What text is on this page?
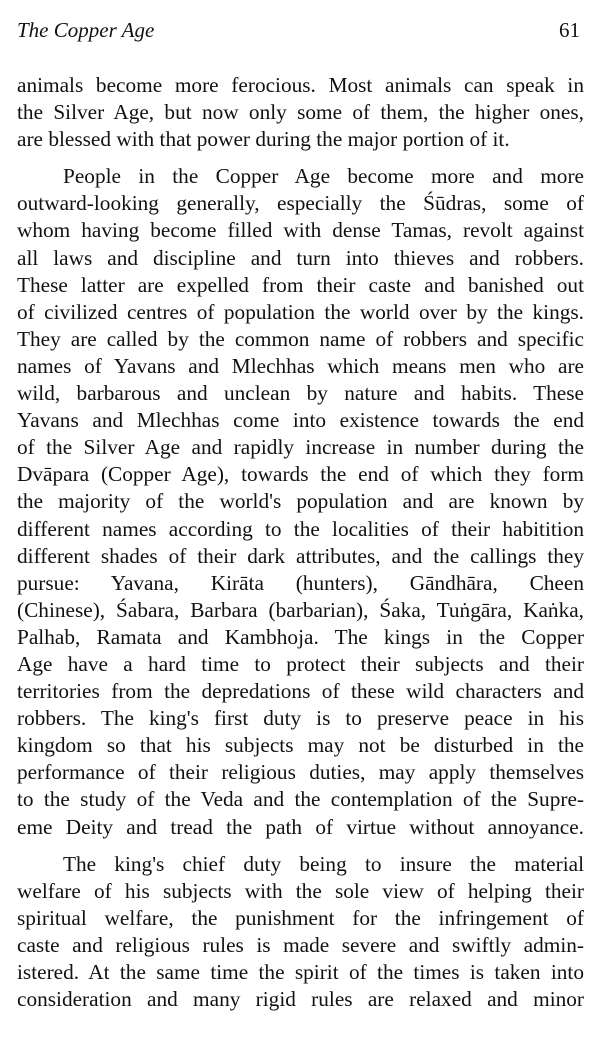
The Copper Age	61
animals become more ferocious. Most animals can speak in
the Silver Age, but now only some of them, the higher ones,
are blessed with that power during the major portion of it.
People in the Copper Age become more and more
outward-looking generally, especially the Śūdras, some of
whom having become filled with dense Tamas, revolt against
all laws and discipline and turn into thieves and robbers.
These latter are expelled from their caste and banished out
of civilized centres of population the world over by the kings.
They are called by the common name of robbers and specific
names of Yavans and Mlechhas which means men who are
wild, barbarous and unclean by nature and habits. These
Yavans and Mlechhas come into existence towards the end
of the Silver Age and rapidly increase in number during the
Dvāpara (Copper Age), towards the end of which they form
the majority of the world's population and are known by
different names according to the localities of their habitition
different shades of their dark attributes, and the callings they
pursue: Yavana, Kirāta (hunters), Gāndhāra, Cheen
(Chinese), Śabara, Barbara (barbarian), Śaka, Tuṅgāra, Kaṅka,
Palhab, Ramata and Kambhoja. The kings in the Copper
Age have a hard time to protect their subjects and their
territories from the depredations of these wild characters and
robbers. The king's first duty is to preserve peace in his
kingdom so that his subjects may not be disturbed in the
performance of their religious duties, may apply themselves
to the study of the Veda and the contemplation of the Supre-
eme Deity and tread the path of virtue without annoyance.
The king's chief duty being to insure the material
welfare of his subjects with the sole view of helping their
spiritual welfare, the punishment for the infringement of
caste and religious rules is made severe and swiftly admin-
istered. At the same time the spirit of the times is taken into
consideration and many rigid rules are relaxed and minor
